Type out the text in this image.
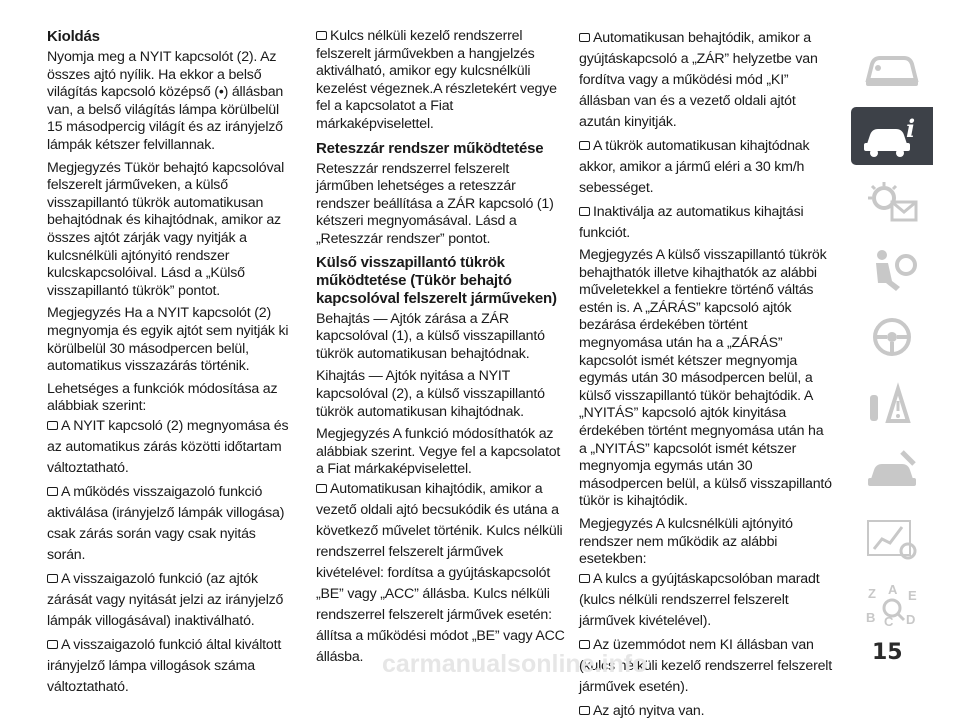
Kioldás

Nyomja meg a NYIT kapcsolót (2). Az összes ajtó nyílik. Ha ekkor a belső világítás kapcsoló középső (•) állásban van, a belső világítás lámpa körülbelül 15 másodpercig világít és az irányjelző lámpák kétszer felvillannak.

Megjegyzés Tükör behajtó kapcsolóval felszerelt járműveken, a külső visszapillantó tükrök automatikusan behajtódnak és kihajtódnak, amikor az összes ajtót zárják vagy nyitják a kulcsnélküli ajtónyitó rendszer kulcskapcsolóival. Lásd a „Külső visszapillantó tükrök” pontot.

Megjegyzés Ha a NYIT kapcsolót (2) megnyomja és egyik ajtót sem nyitják ki körülbelül 30 másodpercen belül, automatikus visszazárás történik.

Lehetséges a funkciók módosítása az alábbiak szerint:

A NYIT kapcsoló (2) megnyomása és az automatikus zárás közötti időtartam változtatható.
A működés visszaigazoló funkció aktiválása (irányjelző lámpák villogása) csak zárás során vagy csak nyitás során.
A visszaigazoló funkció (az ajtók zárását vagy nyitását jelzi az irányjelző lámpák villogásával) inaktiválható.
A visszaigazoló funkció által kiváltott irányjelző lámpa villogások száma változtatható.

Kulcs nélküli kezelő rendszerrel felszerelt járművekben a hangjelzés aktiválható, amikor egy kulcsnélküli kezelést végeznek.A részletekért vegye fel a kapcsolatot a Fiat márkaképviselettel.

Reteszzár rendszer működtetése

Reteszzár rendszerrel felszerelt járműben lehetséges a reteszzár rendszer beállítása a ZÁR kapcsoló (1) kétszeri megnyomásával. Lásd a „Reteszzár rendszer” pontot.

Külső visszapillantó tükrök működtetése (Tükör behajtó kapcsolóval felszerelt járműveken)

Behajtás — Ajtók zárása a ZÁR kapcsolóval (1), a külső visszapillantó tükrök automatikusan behajtódnak.

Kihajtás — Ajtók nyitása a NYIT kapcsolóval (2), a külső visszapillantó tükrök automatikusan kihajtódnak.

Megjegyzés A funkció módosíthatók az alábbiak szerint. Vegye fel a kapcsolatot a Fiat márkaképviselettel.

Automatikusan kihajtódik, amikor a vezető oldali ajtó becsukódik és utána a következő művelet történik. Kulcs nélküli rendszerrel felszerelt járművek kivételével: fordítsa a gyújtáskapcsolót „BE” vagy „ACC” állásba. Kulcs nélküli rendszerrel felszerelt járművek esetén: állítsa a működési módot „BE” vagy ACC állásba.
Automatikusan behajtódik, amikor a gyújtáskapcsoló a „ZÁR” helyzetbe van fordítva vagy a működési mód „KI” állásban van és a vezető oldali ajtót azután kinyitják.
A tükrök automatikusan kihajtódnak akkor, amikor a jármű eléri a 30 km/h sebességet.
Inaktiválja az automatikus kihajtási funkciót.

Megjegyzés A külső visszapillantó tükrök behajthatók illetve kihajthatók az alábbi műveletekkel a fentiekre történő váltás estén is. A „ZÁRÁS” kapcsoló ajtók bezárása érdekében történt megnyomása után ha a „ZÁRÁS” kapcsolót ismét kétszer megnyomja egymás után 30 másodpercen belül, a külső visszapillantó tükör behajtódik. A „NYITÁS” kapcsoló ajtók kinyitása érdekében történt megnyomása után ha a „NYITÁS” kapcsolót ismét kétszer megnyomja egymás után 30 másodpercen belül, a külső visszapillantó tükör is kihajtódik.

Megjegyzés A kulcsnélküli ajtónyitó rendszer nem működik az alábbi esetekben:

A kulcs a gyújtáskapcsolóban maradt (kulcs nélküli rendszerrel felszerelt járművek kivételével).
Az üzemmódot nem KI állásban van (kulcs nélküli kezelő rendszerrel felszerelt járművek esetén).
Az ajtó nyitva van.
i
Z A E
B C D
15
carmanualsonline.info
